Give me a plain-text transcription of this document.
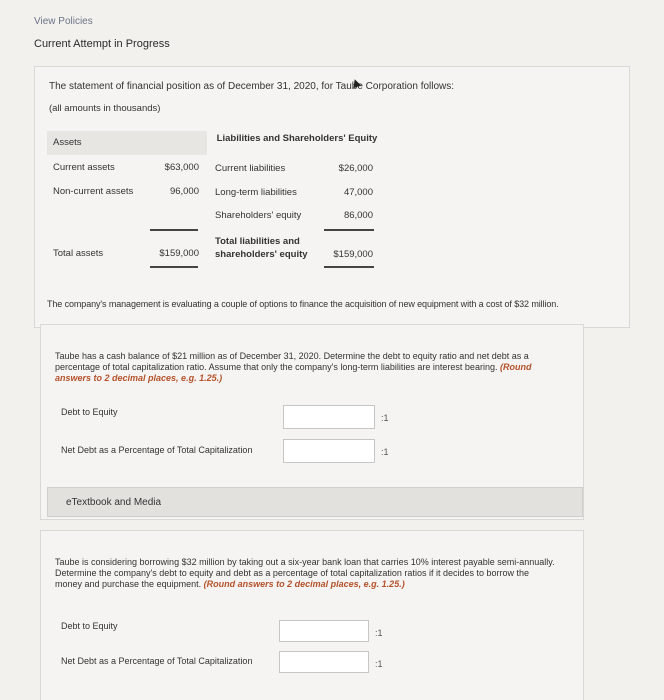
View Policies
Current Attempt in Progress
The statement of financial position as of December 31, 2020, for Taube Corporation follows:
(all amounts in thousands)
Assets	Liabilities and Shareholders' Equity
Current assets	$63,000
Non-current assets	96,000
Total assets	$159,000
Current liabilities	$26,000
Long-term liabilities	47,000
Shareholders' equity	86,000
Total liabilities and
shareholders' equity	$159,000
The company's management is evaluating a couple of options to finance the acquisition of new equipment with a cost of $32 million.
Taube has a cash balance of $21 million as of December 31, 2020. Determine the debt to equity ratio and net debt as a
percentage of total capitalization ratio. Assume that only the company's long-term liabilities are interest bearing. (Round
answers to 2 decimal places, e.g. 1.25.)
Debt to Equity
:1
Net Debt as a Percentage of Total Capitalization	:1
eTextbook and Media
Taube is considering borrowing $32 million by taking out a six-year bank loan that carries 10% interest payable semi-annually.
Determine the company's debt to equity and debt as a percentage of total capitalization ratios if it decides to borrow the
money and purchase the equipment. (Round answers to 2 decimal places, e.g. 1.25.)
Debt to Equity
:1
Net Debt as a Percentage of Total Capitalization	:1
